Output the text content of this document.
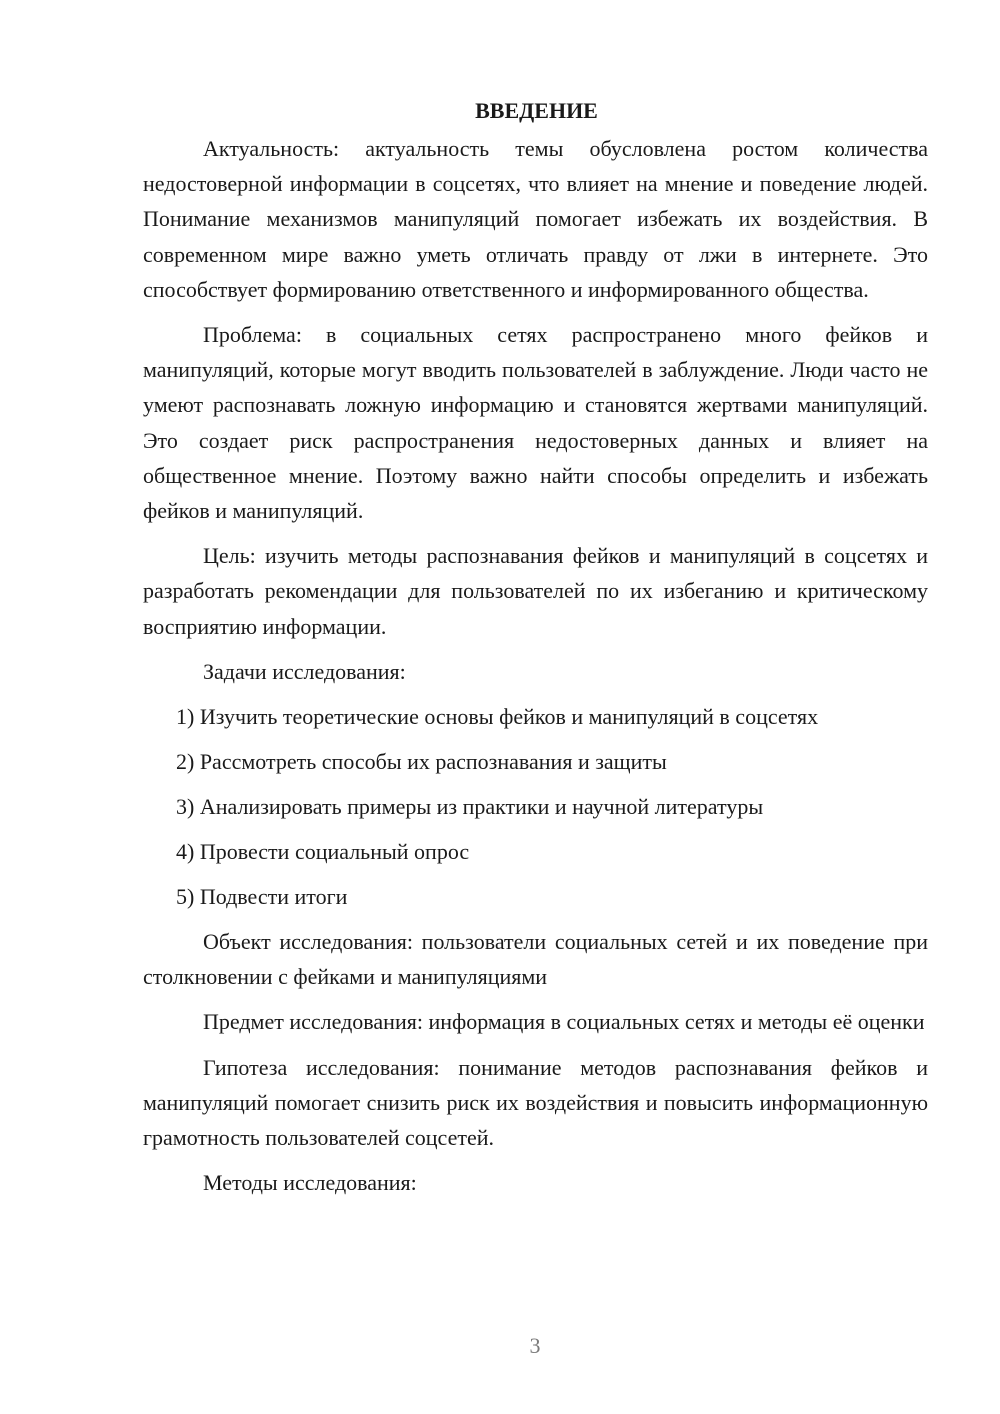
ВВЕДЕНИЕ

Актуальность: актуальность темы обусловлена ростом количества недостоверной информации в соцсетях, что влияет на мнение и поведение людей. Понимание механизмов манипуляций помогает избежать их воздействия. В современном мире важно уметь отличать правду от лжи в интернете. Это способствует формированию ответственного и информированного общества.

Проблема: в социальных сетях распространено много фейков и манипуляций, которые могут вводить пользователей в заблуждение. Люди часто не умеют распознавать ложную информацию и становятся жертвами манипуляций. Это создает риск распространения недостоверных данных и влияет на общественное мнение. Поэтому важно найти способы определить и избежать фейков и манипуляций.

Цель: изучить методы распознавания фейков и манипуляций в соцсетях и разработать рекомендации для пользователей по их избеганию и критическому восприятию информации.

Задачи исследования:

1) Изучить теоретические основы фейков и манипуляций в соцсетях
2) Рассмотреть способы их распознавания и защиты
3) Анализировать примеры из практики и научной литературы
4) Провести социальный опрос
5) Подвести итоги

Объект исследования: пользователи социальных сетей и их поведение при столкновении с фейками и манипуляциями

Предмет исследования: информация в социальных сетях и методы её оценки

Гипотеза исследования: понимание методов распознавания фейков и манипуляций помогает снизить риск их воздействия и повысить информационную грамотность пользователей соцсетей.

Методы исследования:

3
